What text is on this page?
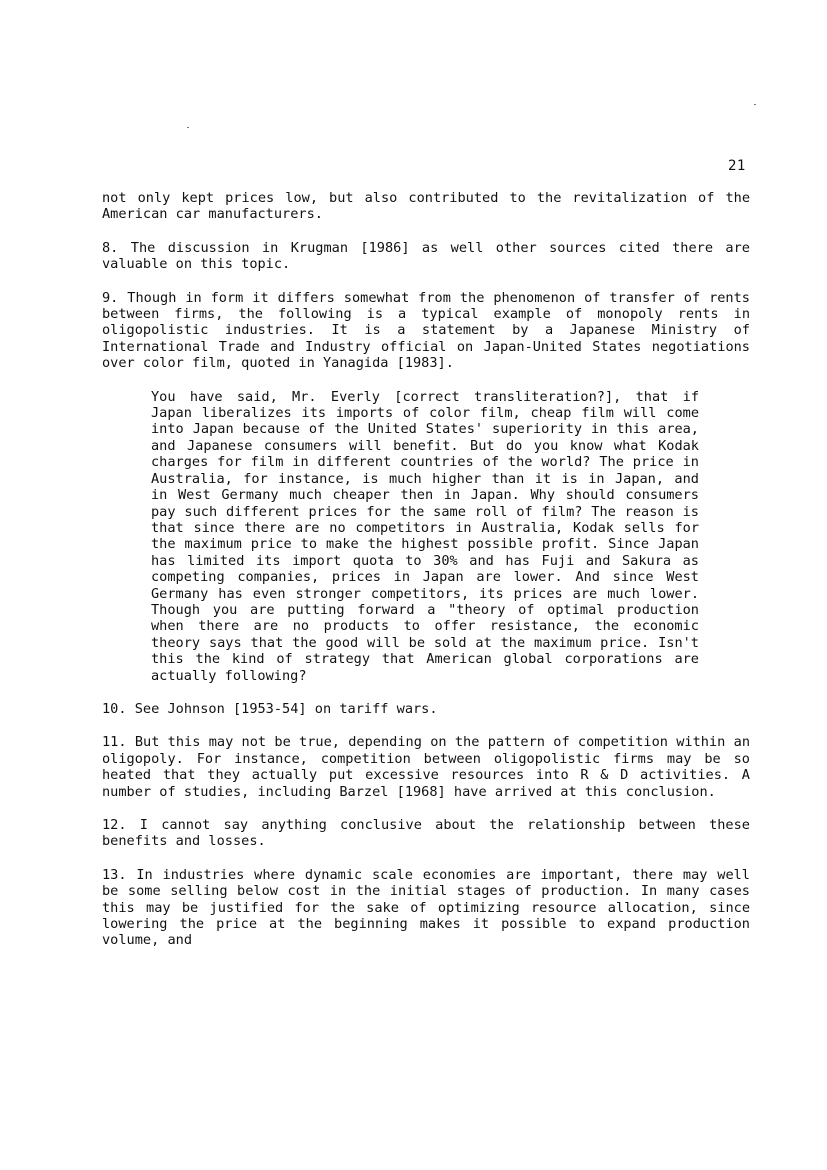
21

not only kept prices low, but also contributed to the revitalization of the American car manufacturers.

8. The discussion in Krugman [1986] as well other sources cited there are valuable on this topic.

9. Though in form it differs somewhat from the phenomenon of transfer of rents between firms, the following is a typical example of monopoly rents in oligopolistic industries. It is a statement by a Japanese Ministry of International Trade and Industry official on Japan-United States negotiations over color film, quoted in Yanagida [1983].

You have said, Mr. Everly [correct transliteration?], that if Japan liberalizes its imports of color film, cheap film will come into Japan because of the United States' superiority in this area, and Japanese consumers will benefit. But do you know what Kodak charges for film in different countries of the world? The price in Australia, for instance, is much higher than it is in Japan, and in West Germany much cheaper then in Japan. Why should consumers pay such different prices for the same roll of film? The reason is that since there are no competitors in Australia, Kodak sells for the maximum price to make the highest possible profit. Since Japan has limited its import quota to 30% and has Fuji and Sakura as competing companies, prices in Japan are lower. And since West Germany has even stronger competitors, its prices are much lower. Though you are putting forward a "theory of optimal production when there are no products to offer resistance, the economic theory says that the good will be sold at the maximum price. Isn't this the kind of strategy that American global corporations are actually following?

10. See Johnson [1953-54] on tariff wars.

11. But this may not be true, depending on the pattern of competition within an oligopoly. For instance, competition between oligopolistic firms may be so heated that they actually put excessive resources into R & D activities. A number of studies, including Barzel [1968] have arrived at this conclusion.

12. I cannot say anything conclusive about the relationship between these benefits and losses.

13. In industries where dynamic scale economies are important, there may well be some selling below cost in the initial stages of production. In many cases this may be justified for the sake of optimizing resource allocation, since lowering the price at the beginning makes it possible to expand production volume, and
